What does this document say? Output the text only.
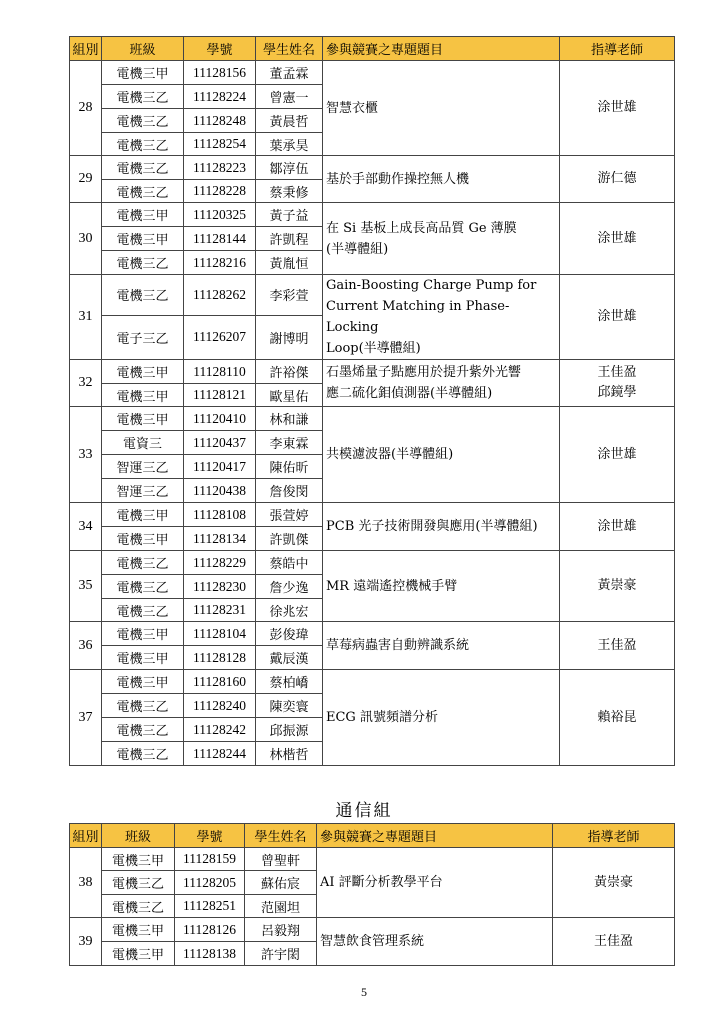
組別	班級	學號	學生姓名	參與競賽之專題題目	指導老師
28	電機三甲	11128156	董孟霖	智慧衣櫃	涂世雄

	電機三乙	11128224	曾憲一		
	電機三乙	11128248	黃晨哲		
	電機三乙	11128254	葉承昊		
29	電機三乙	11128223	鄒淳伍	基於手部動作操控無人機	游仁德

	電機三乙	11128228	蔡秉修		
30	電機三甲	11120325	黃子益	在 Si 基板上成長高品質 Ge 薄膜
(半導體組)	涂世雄

	電機三甲	11128144	許凱程		
	電機三乙	11128216	黃胤恒		
31	電機三乙	11128262	李彩萱	Gain-Boosting Charge Pump for
Current Matching in Phase-Locking
Loop(半導體組)	涂世雄

	電子三乙	11126207	謝博明		
32	電機三甲	11128110	許裕傑	石墨烯量子點應用於提升紫外光響
應二硫化鉬偵測器(半導體組)	王佳盈
邱鏡學

	電機三甲	11128121	歐星佑		
33	電機三甲	11120410	林和謙	共模濾波器(半導體組)	涂世雄

	電資三	11120437	李東霖		
	智運三乙	11120417	陳佑昕		
	智運三乙	11120438	詹俊閔		
34	電機三甲	11128108	張萱婷	PCB 光子技術開發與應用(半導體組)	涂世雄

	電機三甲	11128134	許凱傑		
35	電機三乙	11128229	蔡皓中	MR 遠端遙控機械手臂	黃崇豪

	電機三乙	11128230	詹少逸		
	電機三乙	11128231	徐兆宏		
36	電機三甲	11128104	彭俊瑋	草莓病蟲害自動辨識系統	王佳盈

	電機三甲	11128128	戴辰漢		
37	電機三甲	11128160	蔡柏嶠	ECG 訊號頻譜分析	賴裕昆

	電機三乙	11128240	陳奕寰		
	電機三乙	11128242	邱振源		
	電機三乙	11128244	林楷哲		
通信組
組別	班級	學號	學生姓名	參與競賽之專題題目	指導老師
38	電機三甲	11128159	曾聖軒	AI 評斷分析教學平台	黃崇豪

	電機三乙	11128205	蘇佑宸		
	電機三乙	11128251	范園坦		
39	電機三甲	11128126	呂毅翔	智慧飲食管理系統	王佳盈

	電機三甲	11128138	許宇閎		
5
